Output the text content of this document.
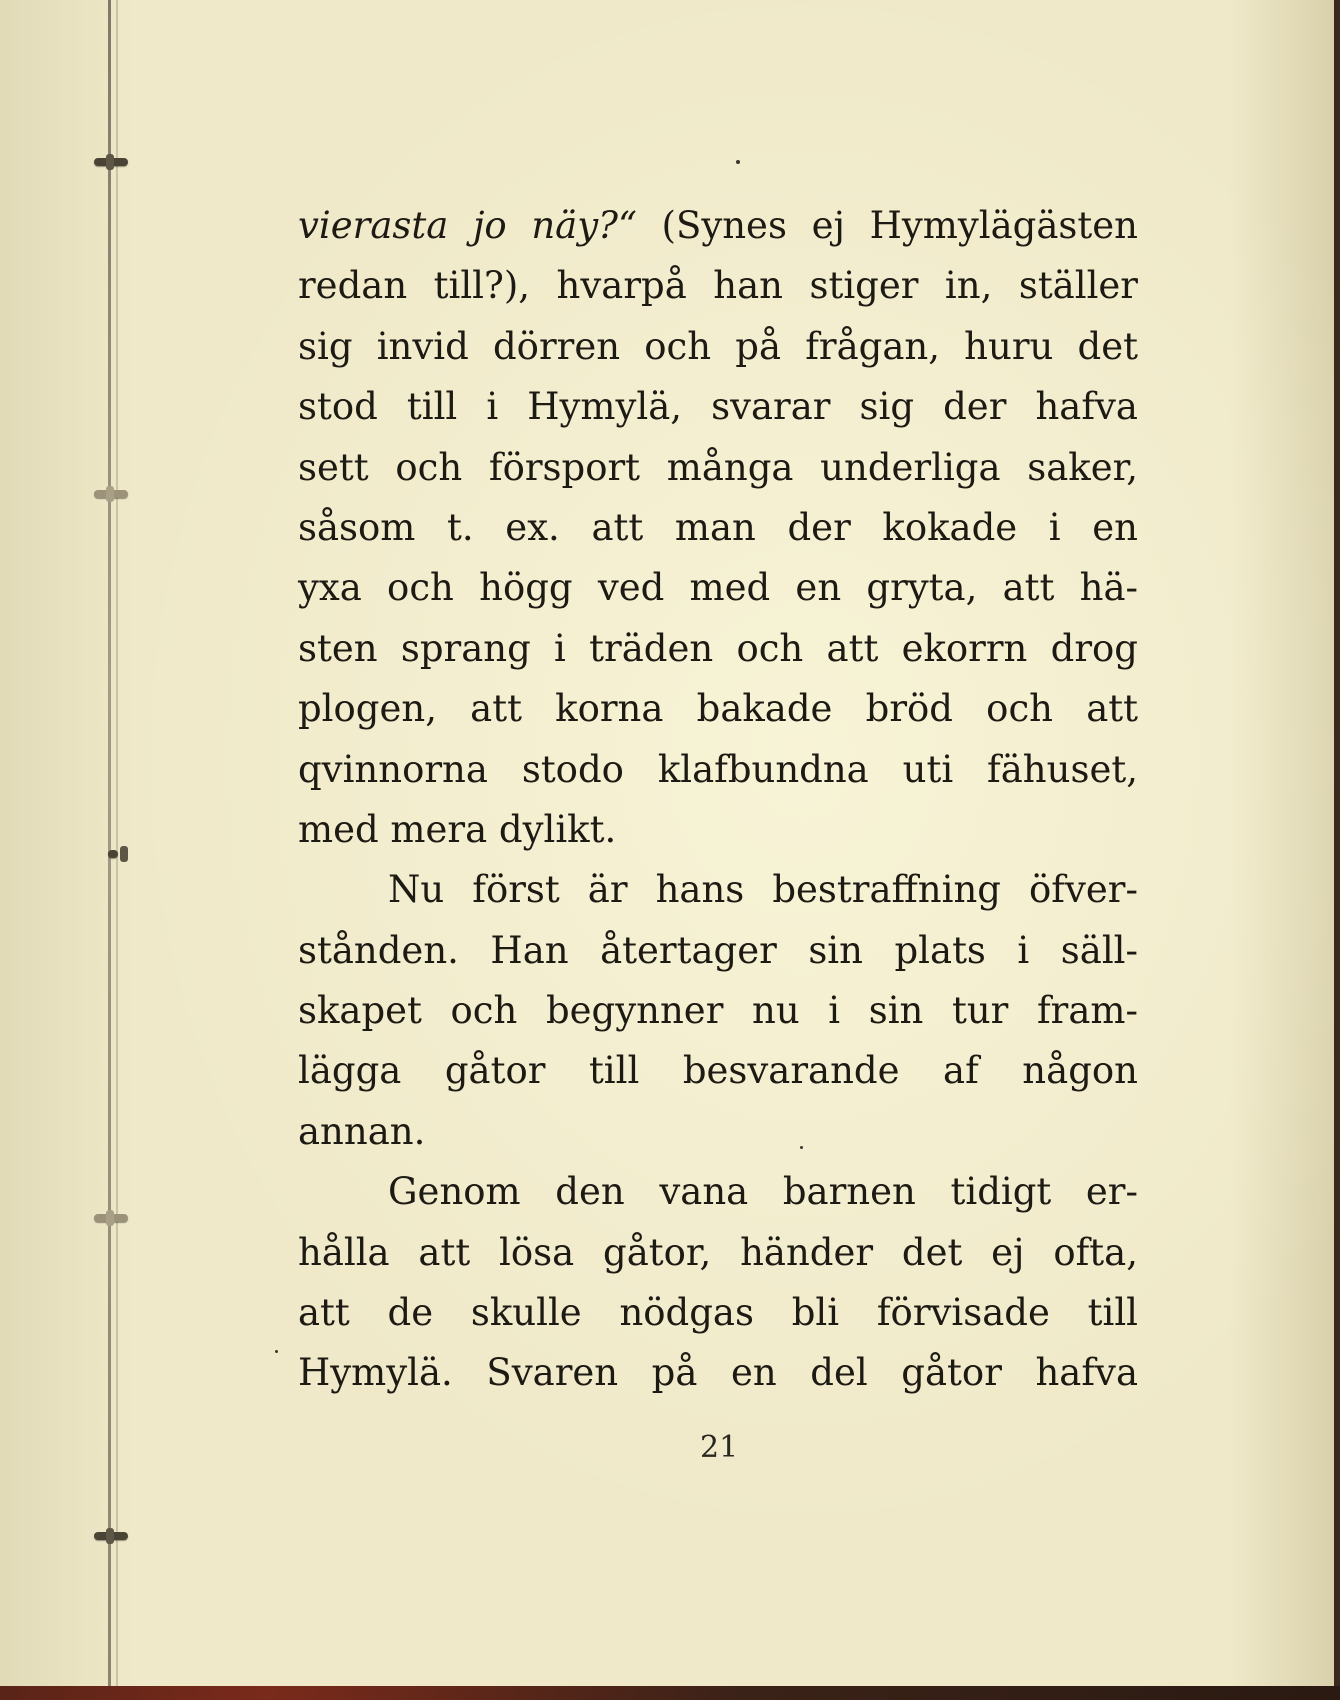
vierasta jo näy?“ (Synes ej Hymylägästen
redan till?), hvarpå han stiger in, ställer
sig invid dörren och på frågan, huru det
stod till i Hymylä, svarar sig der hafva
sett och försport många underliga saker,
såsom t. ex. att man der kokade i en
yxa och högg ved med en gryta, att hä-
sten sprang i träden och att ekorrn drog
plogen, att korna bakade bröd och att
qvinnorna stodo klafbundna uti fähuset,
med mera dylikt.
Nu först är hans bestraffning öfver-
stånden. Han återtager sin plats i säll-
skapet och begynner nu i sin tur fram-
lägga gåtor till besvarande af någon
annan.
Genom den vana barnen tidigt er-
hålla att lösa gåtor, händer det ej ofta,
att de skulle nödgas bli förvisade till
Hymylä. Svaren på en del gåtor hafva
21
